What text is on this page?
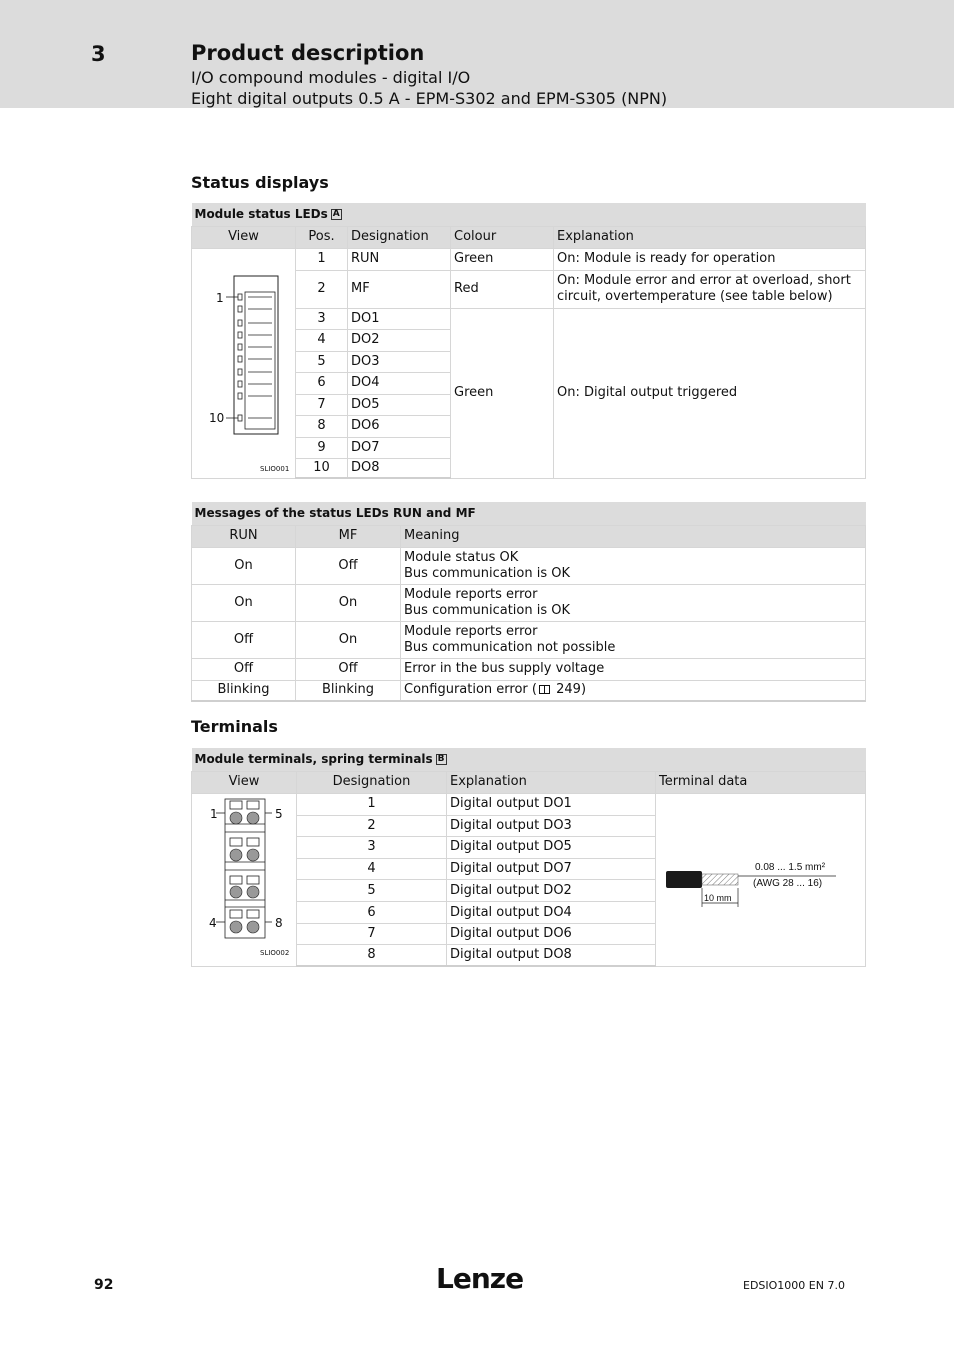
3	Product description
I/O compound modules - digital I/O
Eight digital outputs 0.5 A - EPM-S302 and EPM-S305 (NPN)
Status displays
Module status LEDs A				
View	Pos.	Designation	Colour	Explanation

1
10
SLIO001	1	RUN	Green	On: Module is ready for operation
	2	MF	Red	On: Module error and error at overload, short circuit, overtemperature (see table below)
	3	DO1	Green	On: Digital output triggered
	4	DO2		
	5	DO3		
	6	DO4		
	7	DO5		
	8	DO6		
	9	DO7		
	10	DO8		
Messages of the status LEDs RUN and MF		
RUN	MF	Meaning
On	Off	Module status OK
Bus communication is OK

On	On	Module reports error
Bus communication is OK

Off	On	Module reports error
Bus communication not possible

Off	Off	Error in the bus supply voltage
Blinking	Blinking	Configuration error ( 249)
Terminals
Module terminals, spring terminals B			
View	Designation	Explanation	Terminal data

1 5
4 8
SLIO002	1	Digital output DO1	0.08 ... 1.5 mm²
(AWG 28 ... 16)
10 mm

	2	Digital output DO3	
	3	Digital output DO5	
	4	Digital output DO7	
	5	Digital output DO2	
	6	Digital output DO4	
	7	Digital output DO6	
	8	Digital output DO8	
92	Lenze	EDSIO1000 EN 7.0
